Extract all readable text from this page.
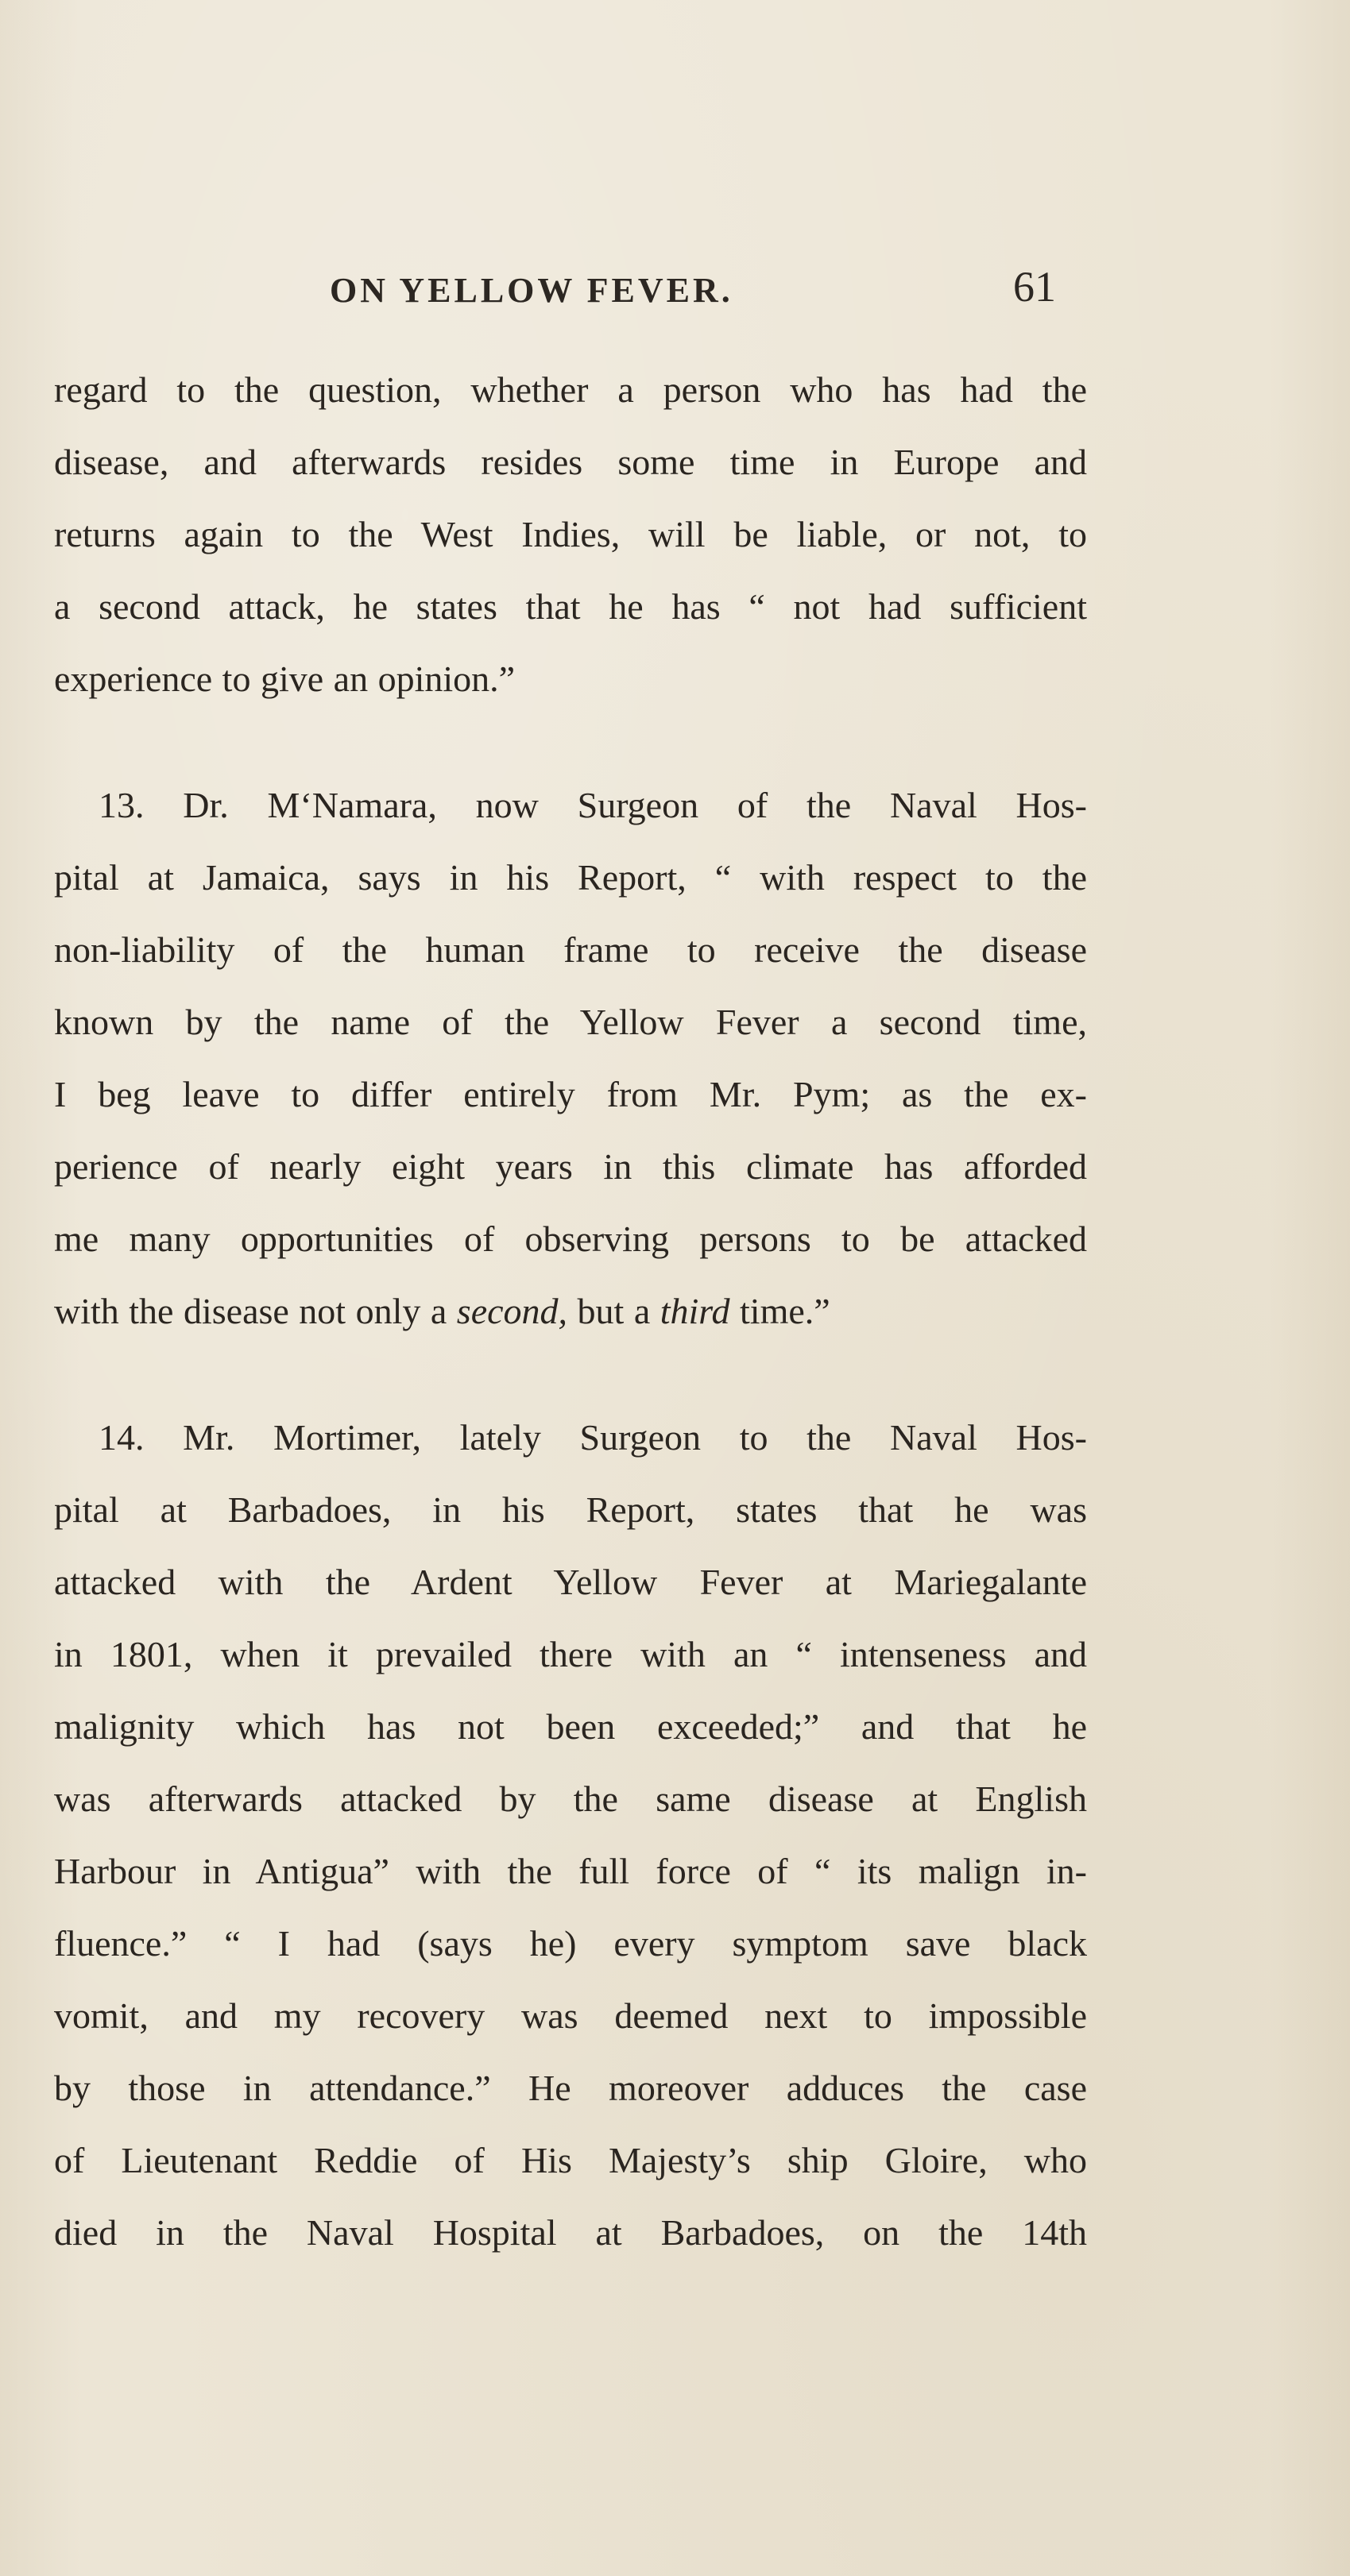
ON YELLOW FEVER.	61
regard to the question, whether a person who has had the
disease, and afterwards resides some time in Europe and
returns again to the West Indies, will be liable, or not, to
a second attack, he states that he has “ not had sufficient
experience to give an opinion.”
13. Dr. M‘Namara, now Surgeon of the Naval Hos-
pital at Jamaica, says in his Report, “ with respect to the
non-liability of the human frame to receive the disease
known by the name of the Yellow Fever a second time,
I beg leave to differ entirely from Mr. Pym; as the ex-
perience of nearly eight years in this climate has afforded
me many opportunities of observing persons to be attacked
with the disease not only a second, but a third time.”
14. Mr. Mortimer, lately Surgeon to the Naval Hos-
pital at Barbadoes, in his Report, states that he was
attacked with the Ardent Yellow Fever at Mariegalante
in 1801, when it prevailed there with an “ intenseness and
malignity which has not been exceeded;” and that he
was afterwards attacked by the same disease at English
Harbour in Antigua” with the full force of “ its malign in-
fluence.” “ I had (says he) every symptom save black
vomit, and my recovery was deemed next to impossible
by those in attendance.” He moreover adduces the case
of Lieutenant Reddie of His Majesty’s ship Gloire, who
died in the Naval Hospital at Barbadoes, on the 14th
